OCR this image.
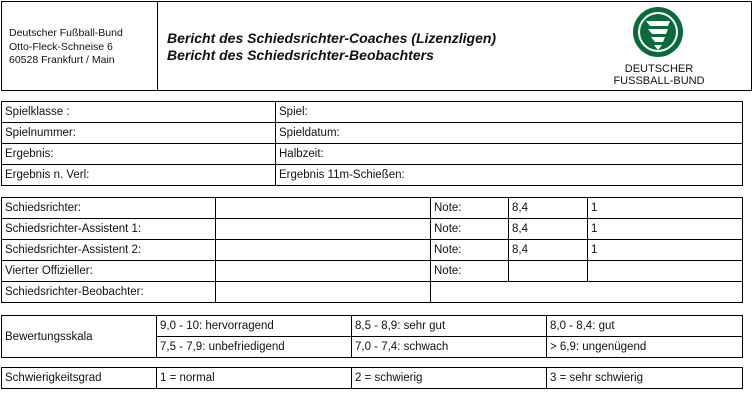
Deutscher Fußball-Bund
Otto-Fleck-Schneise 6
60528 Frankfurt / Main
Bericht des Schiedsrichter-Coaches (Lizenzligen)
Bericht des Schiedsrichter-Beobachters
DEUTSCHER
FUSSBALL-BUND
Spielklasse :	Spiel:
Spielnummer:	Spieldatum:
Ergebnis:	Halbzeit:
Ergebnis n. Verl:	Ergebnis 11m-Schießen:
Schiedsrichter:		Note:	8,4	1
Schiedsrichter-Assistent 1:		Note:	8,4	1
Schiedsrichter-Assistent 2:		Note:	8,4	1
Vierter Offizieller:		Note:		
Schiedsrichter-Beobachter:				
Bewertungsskala	9,0 - 10: hervorragend	8,5 - 8,9: sehr gut	8,0 - 8,4: gut
	7,5 - 7,9: unbefriedigend	7,0 - 7,4: schwach	> 6,9: ungenügend
Schwierigkeitsgrad	1 = normal	2 = schwierig	3 = sehr schwierig
